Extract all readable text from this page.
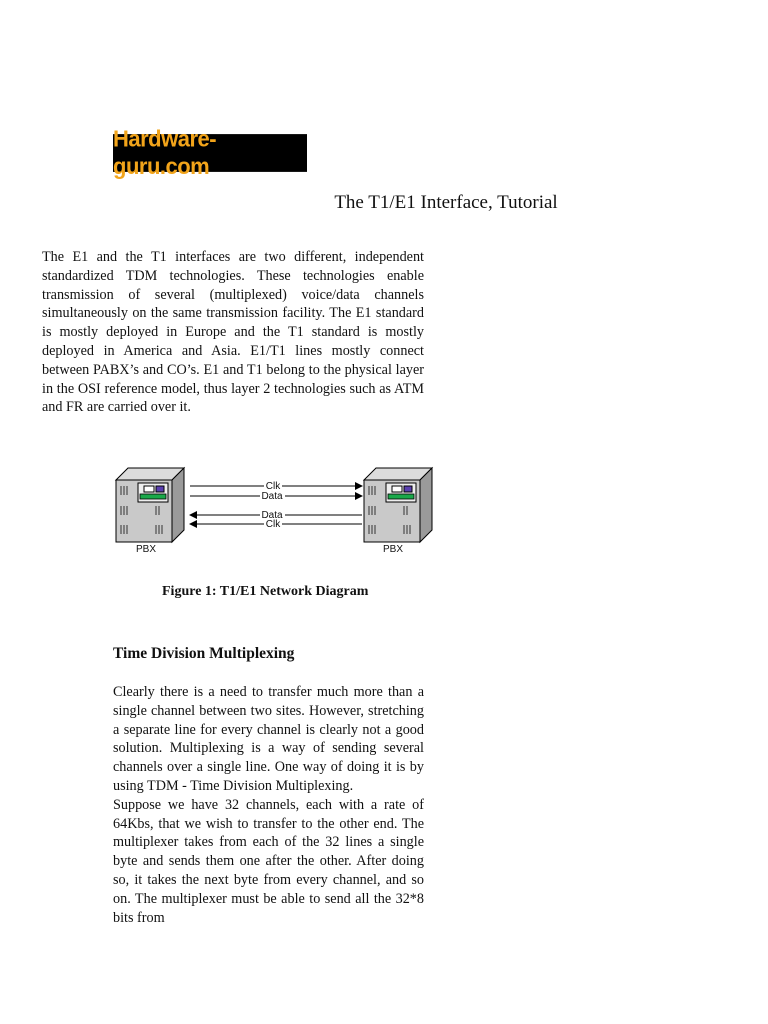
Hardware-guru.com
The T1/E1 Interface, Tutorial

The E1 and the T1 interfaces are two different, independent standardized TDM technologies. These technologies enable transmission of several (multiplexed) voice/data channels simultaneously on the same transmission facility. The E1 standard is mostly deployed in Europe and the T1 standard is mostly deployed in America and Asia. E1/T1 lines mostly connect between PABX’s and CO’s. E1 and T1 belong to the physical layer in the OSI reference model, thus layer 2 technologies such as ATM and FR are carried over it.

Clk
Data
Data
Clk
PBX	PBX
Figure 1: T1/E1 Network Diagram
Time Division Multiplexing
Clearly there is a need to transfer much more than a single channel between two sites. However, stretching a separate line for every channel is clearly not a good solution. Multiplexing is a way of sending several channels over a single line. One way of doing it is by using TDM - Time Division Multiplexing.
Suppose we have 32 channels, each with a rate of 64Kbs, that we wish to transfer to the other end. The multiplexer takes from each of the 32 lines a single byte and sends them one after the other. After doing so, it takes the next byte from every channel, and so on. The multiplexer must be able to send all the 32*8 bits from
